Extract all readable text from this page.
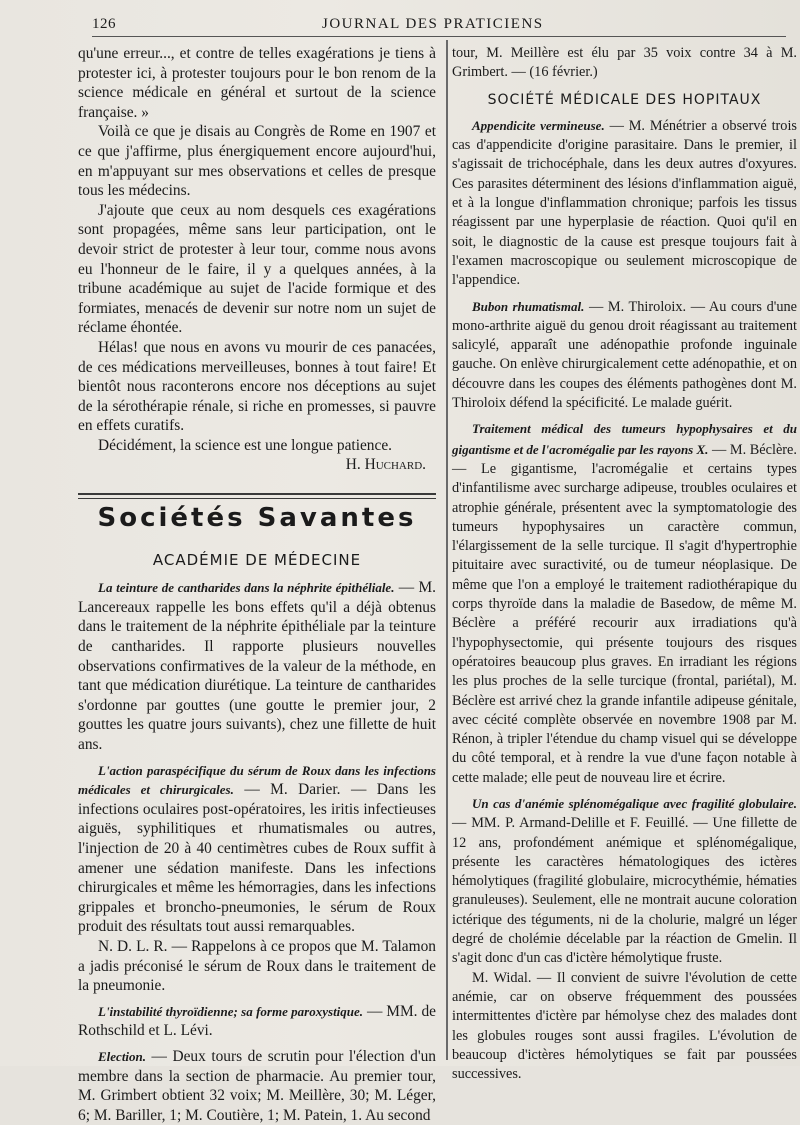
126	JOURNAL DES PRATICIENS

qu'une erreur..., et contre de telles exagérations je tiens à protester ici, à protester toujours pour le bon renom de la science médicale en général et surtout de la science française. »

Voilà ce que je disais au Congrès de Rome en 1907 et ce que j'affirme, plus énergiquement encore aujourd'hui, en m'appuyant sur mes observations et celles de presque tous les médecins.

J'ajoute que ceux au nom desquels ces exagérations sont propagées, même sans leur participation, ont le devoir strict de protester à leur tour, comme nous avons eu l'honneur de le faire, il y a quelques années, à la tribune académique au sujet de l'acide formique et des formiates, menacés de devenir sur notre nom un sujet de réclame éhontée.

Hélas! que nous en avons vu mourir de ces panacées, de ces médications merveilleuses, bonnes à tout faire! Et bientôt nous raconterons encore nos déceptions au sujet de la sérothérapie rénale, si riche en promesses, si pauvre en effets curatifs.

Décidément, la science est une longue patience.

H. Huchard.

Sociétés Savantes
ACADÉMIE DE MÉDECINE

La teinture de cantharides dans la néphrite épithéliale. — M. Lancereaux rappelle les bons effets qu'il a déjà obtenus dans le traitement de la néphrite épithéliale par la teinture de cantharides. Il rapporte plusieurs nouvelles observations confirmatives de la valeur de la méthode, en tant que médication diurétique. La teinture de cantharides s'ordonne par gouttes (une goutte le premier jour, 2 gouttes les quatre jours suivants), chez une fillette de huit ans.

L'action paraspécifique du sérum de Roux dans les infections médicales et chirurgicales. — M. Darier. — Dans les infections oculaires post-opératoires, les iritis infectieuses aiguës, syphilitiques et rhumatismales ou autres, l'injection de 20 à 40 centimètres cubes de Roux suffit à amener une sédation manifeste. Dans les infections chirurgicales et même les hémorragies, dans les infections grippales et broncho-pneumonies, le sérum de Roux produit des résultats tout aussi remarquables.

N. D. L. R. — Rappelons à ce propos que M. Talamon a jadis préconisé le sérum de Roux dans le traitement de la pneumonie.

L'instabilité thyroïdienne; sa forme paroxystique. — MM. de Rothschild et L. Lévi.

Election. — Deux tours de scrutin pour l'élection d'un membre dans la section de pharmacie. Au premier tour, M. Grimbert obtient 32 voix; M. Meillère, 30; M. Léger, 6; M. Bariller, 1; M. Coutière, 1; M. Patein, 1. Au second

tour, M. Meillère est élu par 35 voix contre 34 à M. Grimbert. — (16 février.)

SOCIÉTÉ MÉDICALE DES HOPITAUX

Appendicite vermineuse. — M. Ménétrier a observé trois cas d'appendicite d'origine parasitaire. Dans le premier, il s'agissait de trichocéphale, dans les deux autres d'oxyures. Ces parasites déterminent des lésions d'inflammation aiguë, et à la longue d'inflammation chronique; parfois les tissus réagissent par une hyperplasie de réaction. Quoi qu'il en soit, le diagnostic de la cause est presque toujours fait à l'examen macroscopique ou seulement microscopique de l'appendice.

Bubon rhumatismal. — M. Thiroloix. — Au cours d'une mono-arthrite aiguë du genou droit réagissant au traitement salicylé, apparaît une adénopathie profonde inguinale gauche. On enlève chirurgicalement cette adénopathie, et on découvre dans les coupes des éléments pathogènes dont M. Thiroloix défend la spécificité. Le malade guérit.

Traitement médical des tumeurs hypophysaires et du gigantisme et de l'acromégalie par les rayons X. — M. Béclère. — Le gigantisme, l'acromégalie et certains types d'infantilisme avec surcharge adipeuse, troubles oculaires et atrophie générale, présentent avec la symptomatologie des tumeurs hypophysaires un caractère commun, l'élargissement de la selle turcique. Il s'agit d'hypertrophie pituitaire avec suractivité, ou de tumeur néoplasique. De même que l'on a employé le traitement radiothérapique du corps thyroïde dans la maladie de Basedow, de même M. Béclère a préféré recourir aux irradiations qu'à l'hypophysectomie, qui présente toujours des risques opératoires beaucoup plus graves. En irradiant les régions les plus proches de la selle turcique (frontal, pariétal), M. Béclère est arrivé chez la grande infantile adipeuse génitale, avec cécité complète observée en novembre 1908 par M. Rénon, à tripler l'étendue du champ visuel qui se développe du côté temporal, et à rendre la vue d'une façon notable à cette malade; elle peut de nouveau lire et écrire.

Un cas d'anémie splénomégalique avec fragilité globulaire. — MM. P. Armand-Delille et F. Feuillé. — Une fillette de 12 ans, profondément anémique et splénomégalique, présente les caractères hématologiques des ictères hémolytiques (fragilité globulaire, microcythémie, hématies granuleuses). Seulement, elle ne montrait aucune coloration ictérique des téguments, ni de la cholurie, malgré un léger degré de cholémie décelable par la réaction de Gmelin. Il s'agit donc d'un cas d'ictère hémolytique fruste.

M. Widal. — Il convient de suivre l'évolution de cette anémie, car on observe fréquemment des poussées intermittentes d'ictère par hémolyse chez des malades dont les globules rouges sont aussi fragiles. L'évolution de beaucoup d'ictères hémolytiques se fait par poussées successives.
